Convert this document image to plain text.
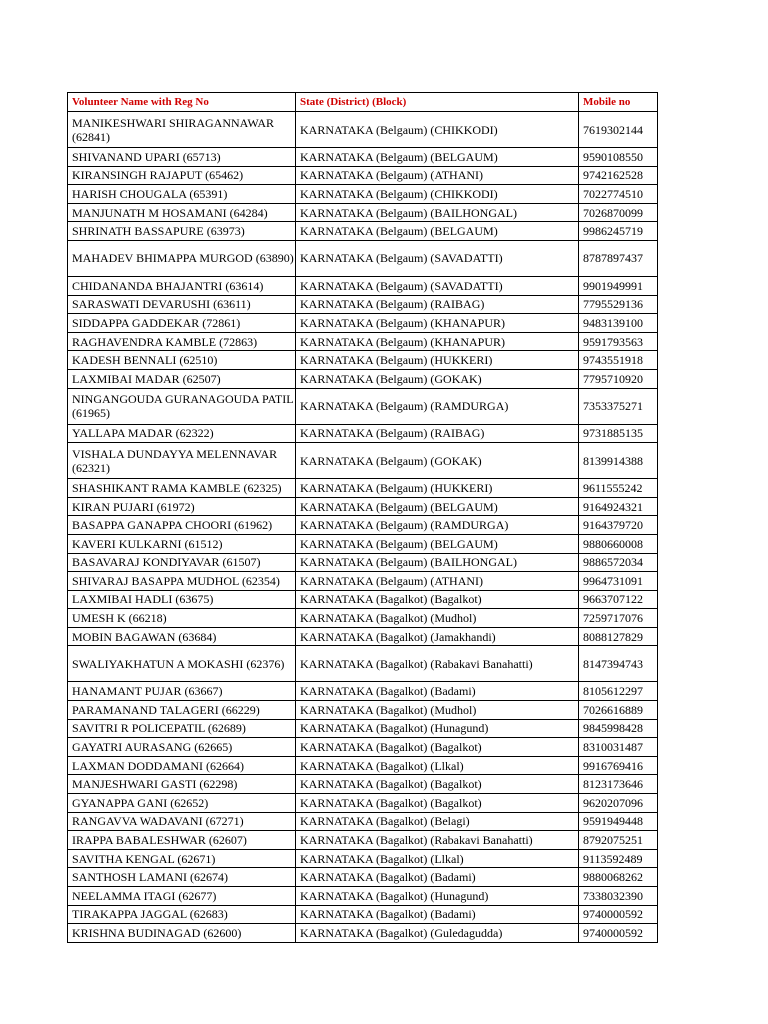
Volunteer Name with Reg No	State (District) (Block)	Mobile no
MANIKESHWARI SHIRAGANNAWAR (62841)	KARNATAKA (Belgaum) (CHIKKODI)	7619302144
SHIVANAND UPARI (65713)	KARNATAKA (Belgaum) (BELGAUM)	9590108550
KIRANSINGH RAJAPUT (65462)	KARNATAKA (Belgaum) (ATHANI)	9742162528
HARISH CHOUGALA (65391)	KARNATAKA (Belgaum) (CHIKKODI)	7022774510
MANJUNATH M HOSAMANI (64284)	KARNATAKA (Belgaum) (BAILHONGAL)	7026870099
SHRINATH BASSAPURE (63973)	KARNATAKA (Belgaum) (BELGAUM)	9986245719
MAHADEV BHIMAPPA MURGOD (63890)	KARNATAKA (Belgaum) (SAVADATTI)	8787897437
CHIDANANDA BHAJANTRI (63614)	KARNATAKA (Belgaum) (SAVADATTI)	9901949991
SARASWATI DEVARUSHI (63611)	KARNATAKA (Belgaum) (RAIBAG)	7795529136
SIDDAPPA GADDEKAR (72861)	KARNATAKA (Belgaum) (KHANAPUR)	9483139100
RAGHAVENDRA KAMBLE (72863)	KARNATAKA (Belgaum) (KHANAPUR)	9591793563
KADESH BENNALI (62510)	KARNATAKA (Belgaum) (HUKKERI)	9743551918
LAXMIBAI MADAR (62507)	KARNATAKA (Belgaum) (GOKAK)	7795710920
NINGANGOUDA GURANAGOUDA PATIL (61965)	KARNATAKA (Belgaum) (RAMDURGA)	7353375271
YALLAPA MADAR (62322)	KARNATAKA (Belgaum) (RAIBAG)	9731885135
VISHALA DUNDAYYA MELENNAVAR (62321)	KARNATAKA (Belgaum) (GOKAK)	8139914388
SHASHIKANT RAMA KAMBLE (62325)	KARNATAKA (Belgaum) (HUKKERI)	9611555242
KIRAN PUJARI (61972)	KARNATAKA (Belgaum) (BELGAUM)	9164924321
BASAPPA GANAPPA CHOORI (61962)	KARNATAKA (Belgaum) (RAMDURGA)	9164379720
KAVERI KULKARNI (61512)	KARNATAKA (Belgaum) (BELGAUM)	9880660008
BASAVARAJ KONDIYAVAR (61507)	KARNATAKA (Belgaum) (BAILHONGAL)	9886572034
SHIVARAJ BASAPPA MUDHOL (62354)	KARNATAKA (Belgaum) (ATHANI)	9964731091
LAXMIBAI HADLI (63675)	KARNATAKA (Bagalkot) (Bagalkot)	9663707122
UMESH K (66218)	KARNATAKA (Bagalkot) (Mudhol)	7259717076
MOBIN BAGAWAN (63684)	KARNATAKA (Bagalkot) (Jamakhandi)	8088127829
SWALIYAKHATUN A MOKASHI (62376)	KARNATAKA (Bagalkot) (Rabakavi Banahatti)	8147394743
HANAMANT PUJAR (63667)	KARNATAKA (Bagalkot) (Badami)	8105612297
PARAMANAND TALAGERI (66229)	KARNATAKA (Bagalkot) (Mudhol)	7026616889
SAVITRI R POLICEPATIL (62689)	KARNATAKA (Bagalkot) (Hunagund)	9845998428
GAYATRI AURASANG (62665)	KARNATAKA (Bagalkot) (Bagalkot)	8310031487
LAXMAN DODDAMANI (62664)	KARNATAKA (Bagalkot) (Llkal)	9916769416
MANJESHWARI GASTI (62298)	KARNATAKA (Bagalkot) (Bagalkot)	8123173646
GYANAPPA GANI (62652)	KARNATAKA (Bagalkot) (Bagalkot)	9620207096
RANGAVVA WADAVANI (67271)	KARNATAKA (Bagalkot) (Belagi)	9591949448
IRAPPA BABALESHWAR (62607)	KARNATAKA (Bagalkot) (Rabakavi Banahatti)	8792075251
SAVITHA KENGAL (62671)	KARNATAKA (Bagalkot) (Llkal)	9113592489
SANTHOSH LAMANI (62674)	KARNATAKA (Bagalkot) (Badami)	9880068262
NEELAMMA ITAGI (62677)	KARNATAKA (Bagalkot) (Hunagund)	7338032390
TIRAKAPPA JAGGAL (62683)	KARNATAKA (Bagalkot) (Badami)	9740000592
KRISHNA BUDINAGAD (62600)	KARNATAKA (Bagalkot) (Guledagudda)	9740000592
